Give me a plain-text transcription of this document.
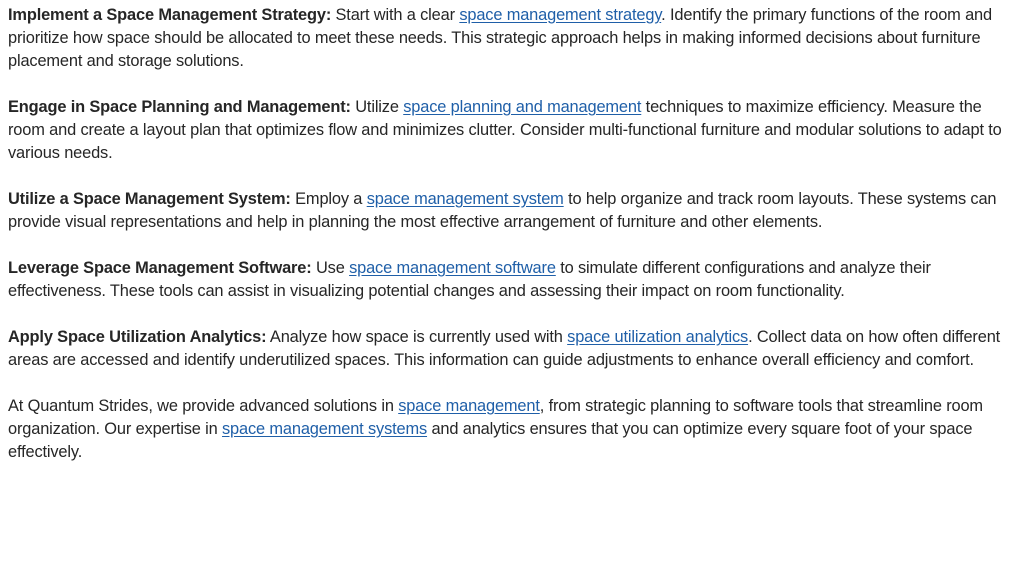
Implement a Space Management Strategy: Start with a clear space management strategy. Identify the primary functions of the room and prioritize how space should be allocated to meet these needs. This strategic approach helps in making informed decisions about furniture placement and storage solutions.

Engage in Space Planning and Management: Utilize space planning and management techniques to maximize efficiency. Measure the room and create a layout plan that optimizes flow and minimizes clutter. Consider multi-functional furniture and modular solutions to adapt to various needs.

Utilize a Space Management System: Employ a space management system to help organize and track room layouts. These systems can provide visual representations and help in planning the most effective arrangement of furniture and other elements.

Leverage Space Management Software: Use space management software to simulate different configurations and analyze their effectiveness. These tools can assist in visualizing potential changes and assessing their impact on room functionality.

Apply Space Utilization Analytics: Analyze how space is currently used with space utilization analytics. Collect data on how often different areas are accessed and identify underutilized spaces. This information can guide adjustments to enhance overall efficiency and comfort.

At Quantum Strides, we provide advanced solutions in space management, from strategic planning to software tools that streamline room organization. Our expertise in space management systems and analytics ensures that you can optimize every square foot of your space effectively.
